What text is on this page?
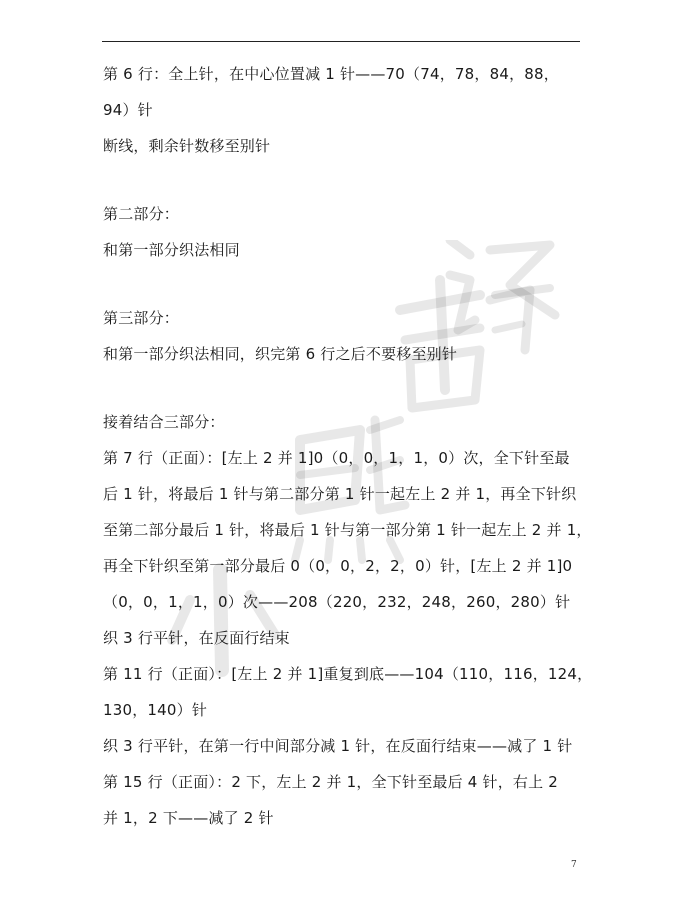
第 6 行：全上针，在中心位置减 1 针——70（74，78，84，88，
94）针
断线，剩余针数移至别针
第二部分：
和第一部分织法相同
第三部分：
和第一部分织法相同，织完第 6 行之后不要移至别针
接着结合三部分：
第 7 行（正面）：[左上 2 并 1]0（0，0，1，1，0）次，全下针至最
后 1 针，将最后 1 针与第二部分第 1 针一起左上 2 并 1，再全下针织
至第二部分最后 1 针，将最后 1 针与第一部分第 1 针一起左上 2 并 1，
再全下针织至第一部分最后 0（0，0，2，2，0）针，[左上 2 并 1]0
（0，0，1，1，0）次——208（220，232，248，260，280）针
织 3 行平针，在反面行结束
第 11 行（正面）：[左上 2 并 1]重复到底——104（110，116，124，
130，140）针
织 3 行平针，在第一行中间部分减 1 针，在反面行结束——减了 1 针
第 15 行（正面）：2 下，左上 2 并 1，全下针至最后 4 针，右上 2
并 1，2 下——减了 2 针
7
